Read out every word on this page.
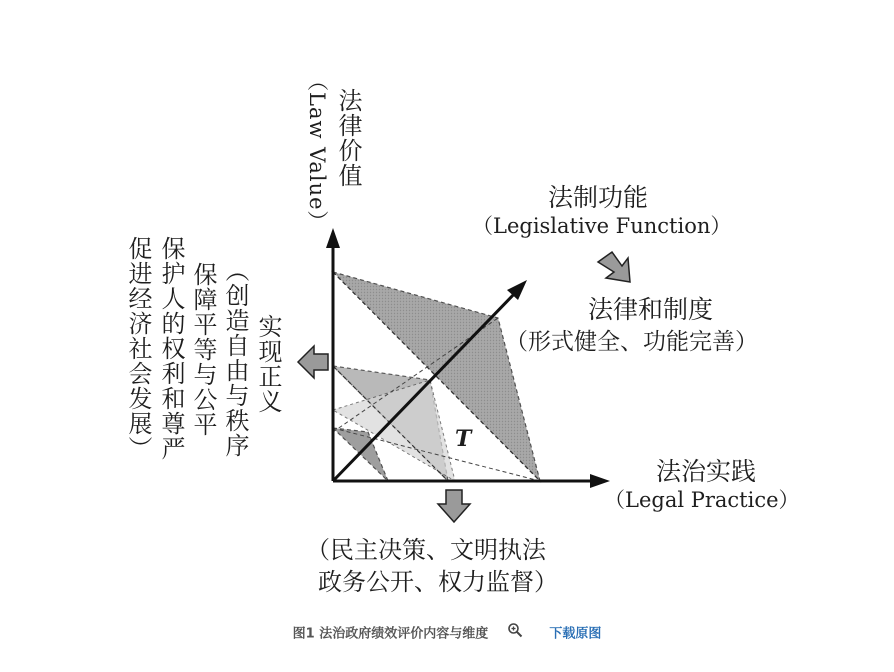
（Law Value） 法律价值
法制功能
（Legislative Function）
法律和制度
（形式健全、功能完善）
法治实践
（Legal Practice）
（民主决策、文明执法
政务公开、权力监督）
实现正义
（创造自由与秩序
保障平等与公平
保护人的权利和尊严
促进经济社会发展）	T
图1 法治政府绩效评价内容与维度	下载原图
